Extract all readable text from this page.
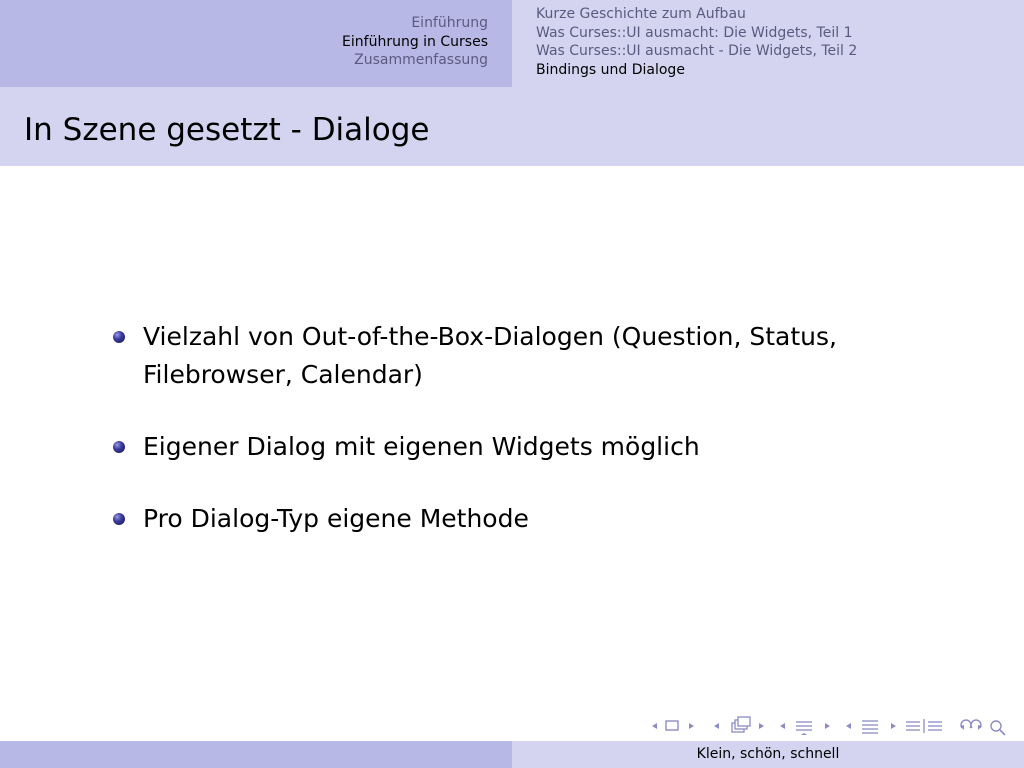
Einführung
Einführung in Curses
Zusammenfassung
Kurze Geschichte zum Aufbau
Was Curses::UI ausmacht: Die Widgets, Teil 1
Was Curses::UI ausmacht - Die Widgets, Teil 2
Bindings und Dialoge
In Szene gesetzt - Dialoge
Vielzahl von Out-of-the-Box-Dialogen (Question, Status, Filebrowser, Calendar)
Eigener Dialog mit eigenen Widgets möglich
Pro Dialog-Typ eigene Methode
Klein, schön, schnell
